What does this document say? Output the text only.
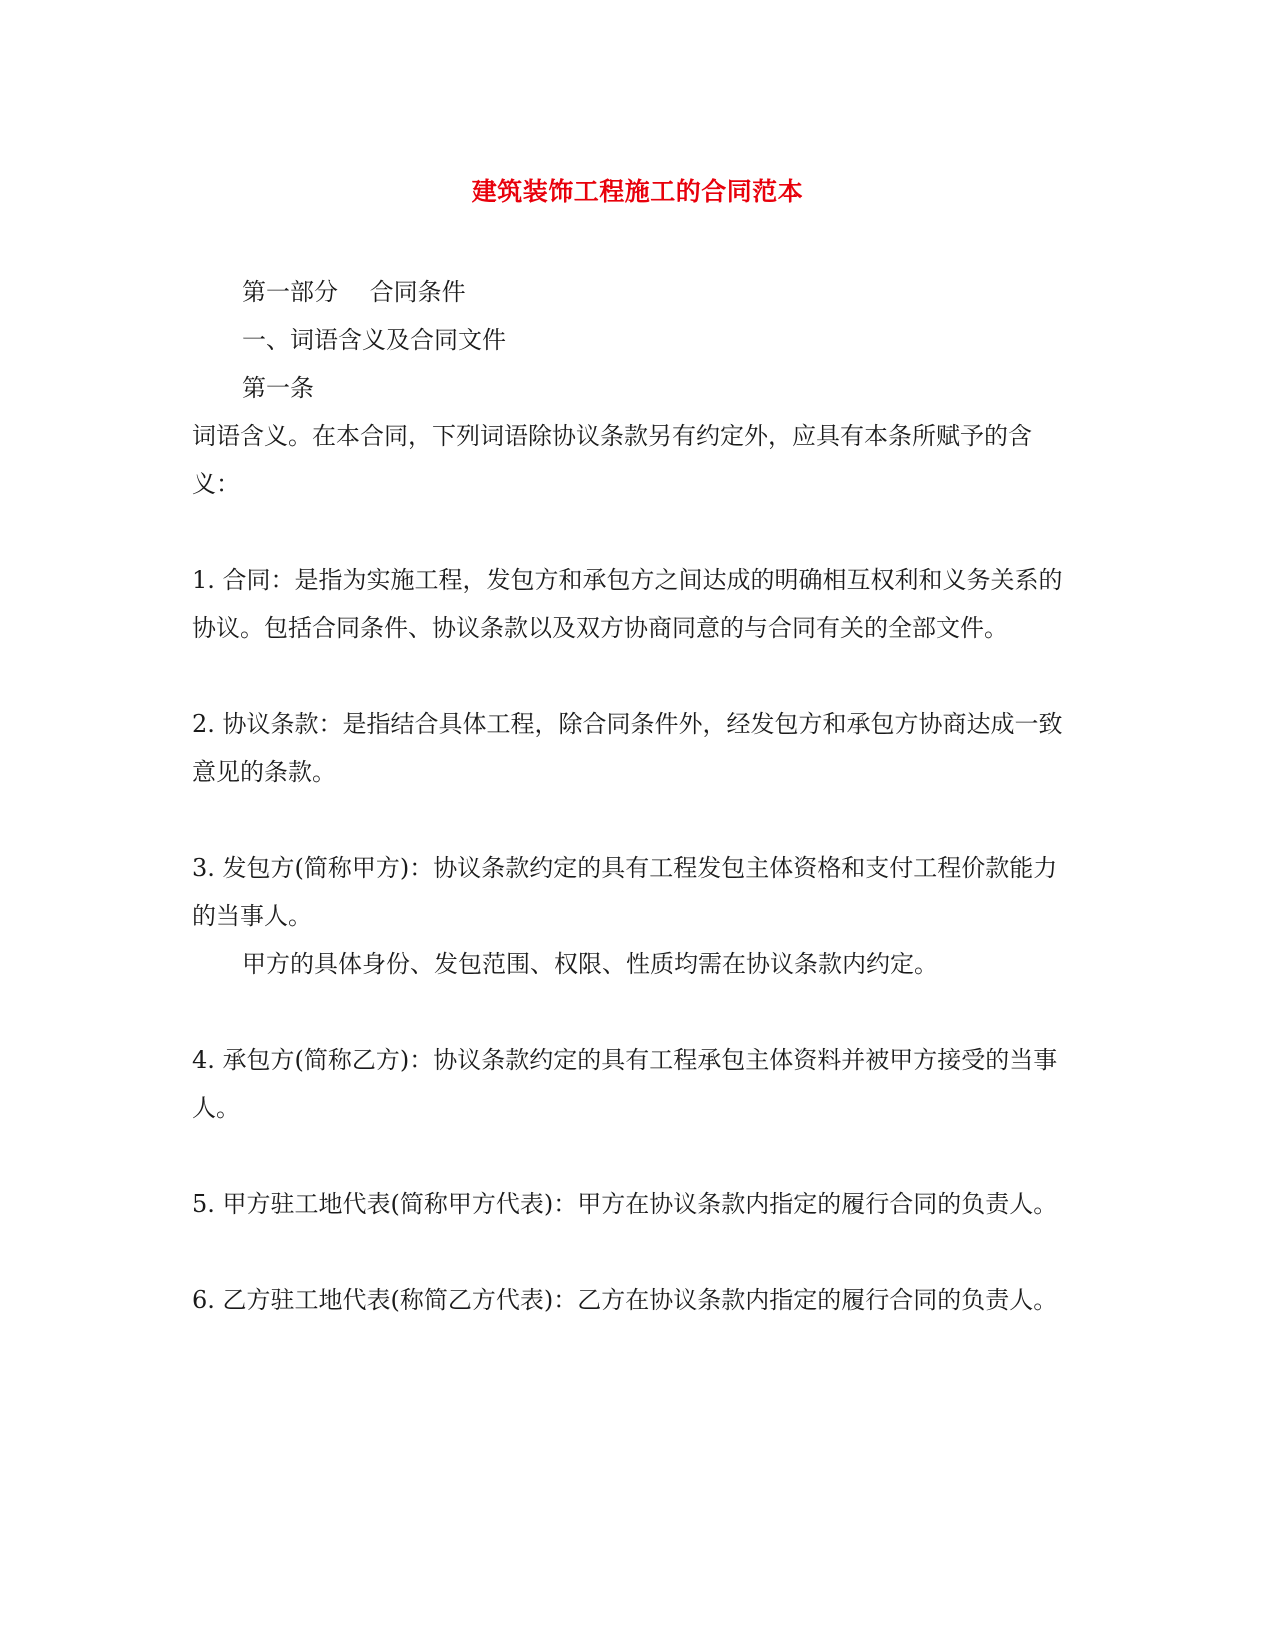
建筑装饰工程施工的合同范本

第一部分　 合同条件

一、词语含义及合同文件

第一条

词语含义。在本合同，下列词语除协议条款另有约定外，应具有本条所赋予的含义：

1. 合同：是指为实施工程，发包方和承包方之间达成的明确相互权利和义务关系的协议。包括合同条件、协议条款以及双方协商同意的与合同有关的全部文件。

2. 协议条款：是指结合具体工程，除合同条件外，经发包方和承包方协商达成一致意见的条款。

3. 发包方(简称甲方)：协议条款约定的具有工程发包主体资格和支付工程价款能力的当事人。

甲方的具体身份、发包范围、权限、性质均需在协议条款内约定。

4. 承包方(简称乙方)：协议条款约定的具有工程承包主体资料并被甲方接受的当事人。

5. 甲方驻工地代表(简称甲方代表)：甲方在协议条款内指定的履行合同的负责人。

6. 乙方驻工地代表(称简乙方代表)：乙方在协议条款内指定的履行合同的负责人。
